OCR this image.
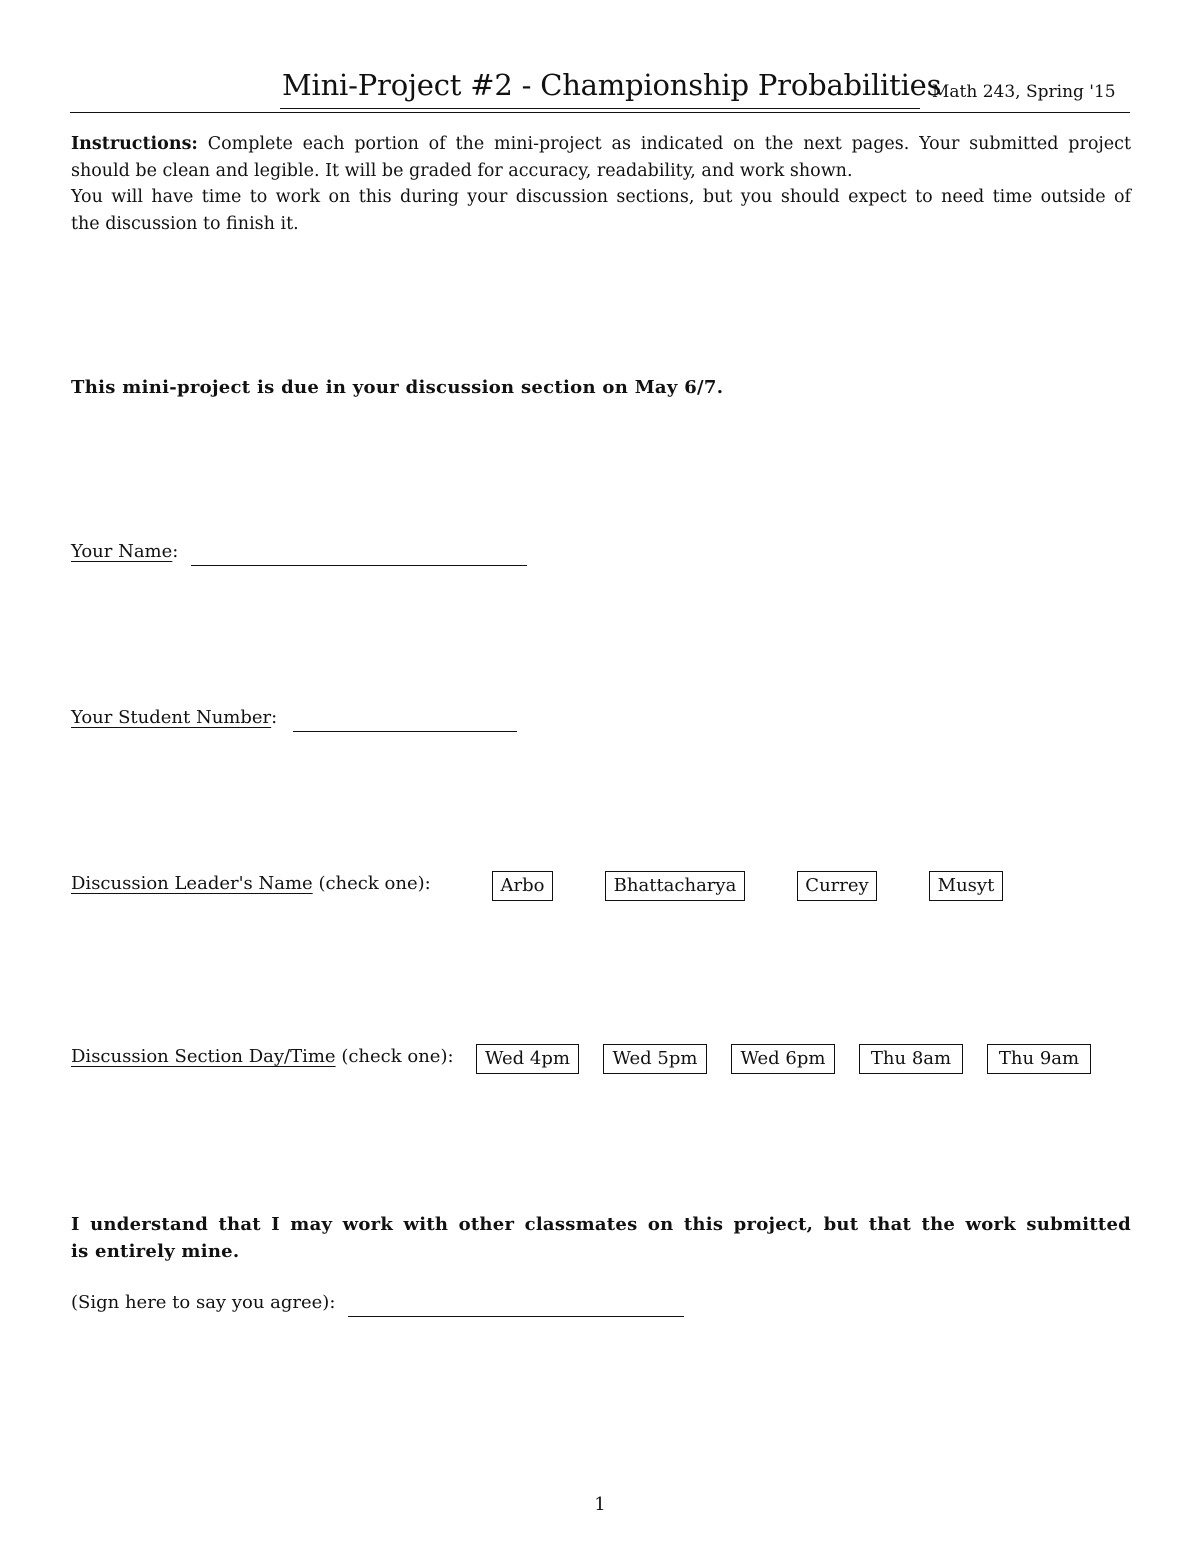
Mini-Project #2 - Championship Probabilities
Math 243, Spring '15
Instructions: Complete each portion of the mini-project as indicated on the next pages. Your submitted project
should be clean and legible. It will be graded for accuracy, readability, and work shown.
You will have time to work on this during your discussion sections, but you should expect to need time outside of
the discussion to finish it.
This mini-project is due in your discussion section on May 6/7.
Your Name:
Your Student Number:
Discussion Leader's Name (check one):	Arbo	Bhattacharya	Currey	Musyt
Discussion Section Day/Time (check one):	Wed 4pm	Wed 5pm	Wed 6pm	Thu 8am	Thu 9am
I understand that I may work with other classmates on this project, but that the work submitted
is entirely mine.
(Sign here to say you agree):
1
